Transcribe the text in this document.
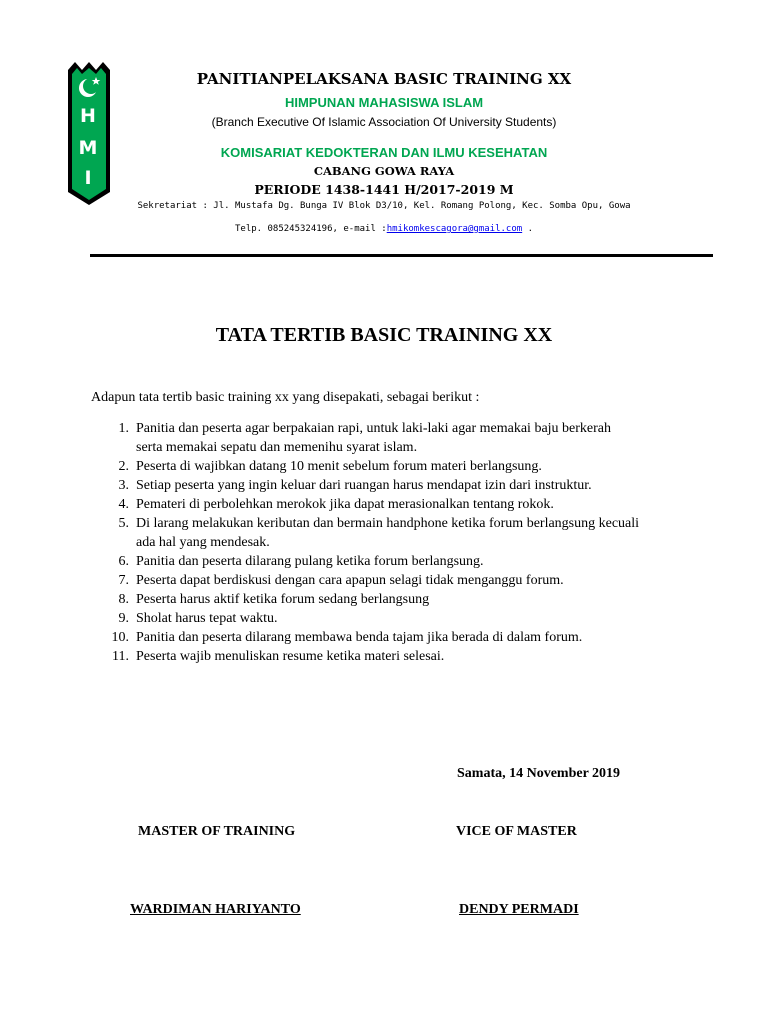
H
M
I
PANITIANPELAKSANA BASIC TRAINING XX
HIMPUNAN MAHASISWA ISLAM
(Branch Executive Of Islamic Association Of University Students)
KOMISARIAT KEDOKTERAN DAN ILMU KESEHATAN
CABANG GOWA RAYA
PERIODE 1438-1441 H/2017-2019 M
Sekretariat : Jl. Mustafa Dg. Bunga IV Blok D3/10, Kel. Romang Polong, Kec. Somba Opu, Gowa
Telp. 085245324196, e-mail :hmikomkescagora@gmail.com .
TATA TERTIB BASIC TRAINING XX
Adapun tata tertib basic training xx yang disepakati, sebagai berikut :
1. Panitia dan peserta agar berpakaian rapi, untuk laki-laki agar memakai baju berkerah
serta memakai sepatu dan memenihu syarat islam.
2. Peserta di wajibkan datang 10 menit sebelum forum materi berlangsung.
3. Setiap peserta yang ingin keluar dari ruangan harus mendapat izin dari instruktur.
4. Pemateri di perbolehkan merokok jika dapat merasionalkan tentang rokok.
5. Di larang melakukan keributan dan bermain handphone ketika forum berlangsung kecuali
ada hal yang mendesak.
6. Panitia dan peserta dilarang pulang ketika forum berlangsung.
7. Peserta dapat berdiskusi dengan cara apapun selagi tidak menganggu forum.
8. Peserta harus aktif ketika forum sedang berlangsung
9. Sholat harus tepat waktu.
10. Panitia dan peserta dilarang membawa benda tajam jika berada di dalam forum.
11. Peserta wajib menuliskan resume ketika materi selesai.
Samata, 14 November 2019
MASTER OF TRAINING	VICE OF MASTER
WARDIMAN HARIYANTO	DENDY PERMADI
